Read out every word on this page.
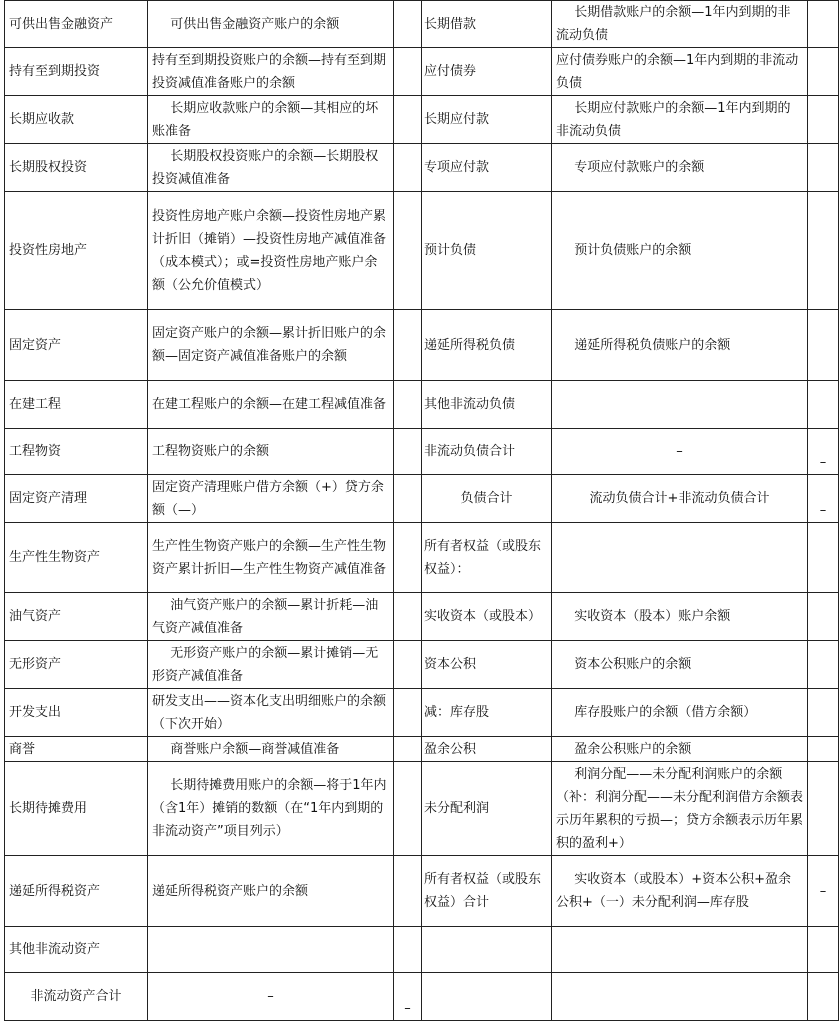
可供出售金融资产	可供出售金融资产账户的余额		长期借款	长期借款账户的余额—1年内到期的非流动负债	
持有至到期投资	持有至到期投资账户的余额—持有至到期投资减值准备账户的余额		应付债券	应付债券账户的余额—1年内到期的非流动负债	
长期应收款	长期应收款账户的余额—其相应的坏账准备		长期应付款	长期应付款账户的余额—1年内到期的非流动负债	
长期股权投资	长期股权投资账户的余额—长期股权投资减值准备		专项应付款	专项应付款账户的余额	
投资性房地产	投资性房地产账户余额—投资性房地产累计折旧（摊销）—投资性房地产减值准备（成本模式）；或=投资性房地产账户余额（公允价值模式）		预计负债	预计负债账户的余额	
固定资产	固定资产账户的余额—累计折旧账户的余额—固定资产减值准备账户的余额		递延所得税负债	递延所得税负债账户的余额	
在建工程	在建工程账户的余额—在建工程减值准备		其他非流动负债		
工程物资	工程物资账户的余额		非流动负债合计	–	–
固定资产清理	固定资产清理账户借方余额（+）贷方余额（—）		负债合计	流动负债合计+非流动负债合计	–
生产性生物资产	生产性生物资产账户的余额—生产性生物资产累计折旧—生产性生物资产减值准备		所有者权益（或股东权益）：		
油气资产	油气资产账户的余额—累计折耗—油气资产减值准备		实收资本（或股本）	实收资本（股本）账户余额	
无形资产	无形资产账户的余额—累计摊销—无形资产减值准备		资本公积	资本公积账户的余额	
开发支出	研发支出——资本化支出明细账户的余额（下次开始）		减：库存股	库存股账户的余额（借方余额）	
商誉	商誉账户余额—商誉减值准备		盈余公积	盈余公积账户的余额	
长期待摊费用	长期待摊费用账户的余额—将于1年内（含1年）摊销的数额（在“1年内到期的非流动资产”项目列示）		未分配利润	利润分配——未分配利润账户的余额（补：利润分配——未分配利润借方余额表示历年累积的亏损—；贷方余额表示历年累积的盈利+）	
递延所得税资产	递延所得税资产账户的余额		所有者权益（或股东权益）合计	实收资本（或股本）+资本公积+盈余公积+（一）未分配利润—库存股	–
其他非流动资产					
非流动资产合计	–	–			
